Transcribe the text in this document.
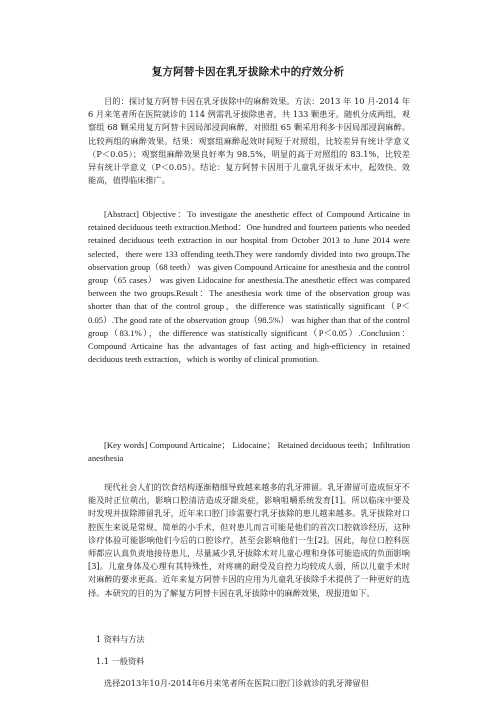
复方阿替卡因在乳牙拔除术中的疗效分析
目的：探讨复方阿替卡因在乳牙拔除中的麻醉效果。方法：2013 年 10 月-2014 年 6 月来笔者所在医院就诊的 114 例需乳牙拔除患者，共 133 颗患牙。随机分成两组，观察组 68 颗采用复方阿替卡因局部浸润麻醉，对照组 65 颗采用利多卡因局部浸润麻醉。比较两组的麻醉效果。结果：观察组麻醉起效时间短于对照组，比较差异有统计学意义（P＜0.05）；观察组麻醉效果良好率为 98.5%，明显的高于对照组的 83.1%，比较差异有统计学意义（P＜0.05）。结论：复方阿替卡因用于儿童乳牙拔牙术中，起效快、效能高，值得临床推广。
[Abstract] Objective：To investigate the anesthetic effect of Compound Articaine in retained deciduous teeth extraction.Method：One hundred and fourteen patients who needed retained deciduous teeth extraction in our hospital from October 2013 to June 2014 were selected，there were 133 offending teeth.They were randomly divided into two groups.The observation group（68 teeth） was given Compound Articaine for anesthesia and the control group（65 cases） was given Lidocaine for anesthesia.The anesthetic effect was compared between the two groups.Result：The anesthesia work time of the observation group was shorter than that of the control group，the difference was statistically significant（P＜0.05）.The good rate of the observation group（98.5%） was higher than that of the control group（83.1%），the difference was statistically significant（P＜0.05）.Conclusion：Compound Articaine has the advantages of fast acting and high-efficiency in retained deciduous teeth extraction，which is worthy of clinical promotion.
[Key words] Compound Articaine； Lidocaine； Retained deciduous teeth；Infiltration anesthesia
现代社会人们的饮食结构逐渐精细导致越来越多的乳牙滞留。乳牙滞留可造成恒牙不能及时正位萌出，影响口腔清洁造成牙龈炎症，影响咀嚼系统发育[1]。所以临床中要及时发现并拔除滞留乳牙，近年来口腔门诊需要行乳牙拔除的患儿越来越多。乳牙拔除对口腔医生来说是常规、简单的小手术，但对患儿而言可能是他们的首次口腔就诊经历，这种诊疗体验可能影响他们今后的口腔诊疗，甚至会影响他们一生[2]。因此，每位口腔科医师都应认真负责地接待患儿，尽量减少乳牙拔除术对儿童心理和身体可能造成的负面影响[3]。儿童身体及心理有其特殊性，对疼痛的耐受及自控力均较成人弱，所以儿童手术时对麻醉的要求更高。近年来复方阿替卡因的应用为儿童乳牙拔除手术提供了一种更好的选择。本研究的目的为了解复方阿替卡因在乳牙拔除中的麻醉效果，现报道如下。
1 资料与方法
1.1 一般资料
选择2013年10月-2014年6月来笔者所在医院口腔门诊就诊的乳牙滞留但
